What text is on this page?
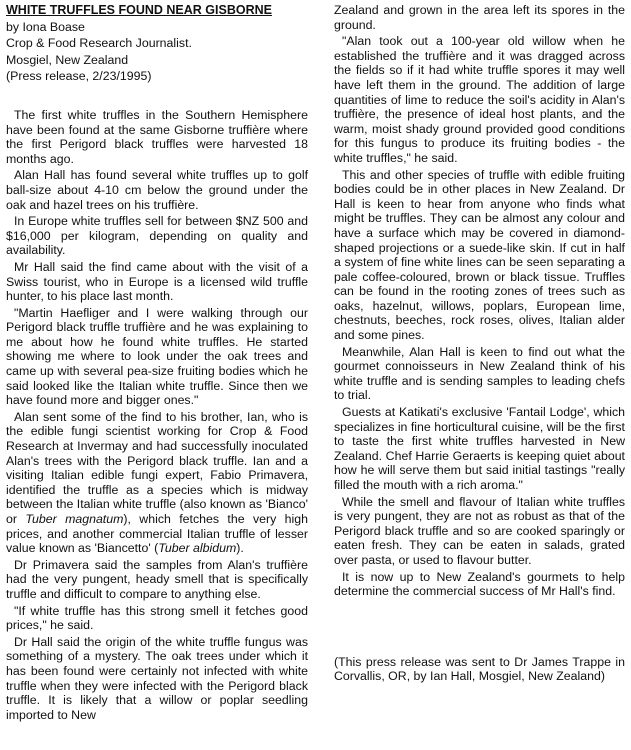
WHITE TRUFFLES FOUND NEAR GISBORNE

by Iona Boase

Crop & Food Research Journalist.

Mosgiel, New Zealand

(Press release, 2/23/1995)

The first white truffles in the Southern Hemisphere have been found at the same Gisborne truffière where the first Perigord black truffles were harvested 18 months ago.

Alan Hall has found several white truffles up to golf ball-size about 4-10 cm below the ground under the oak and hazel trees on his truffière.

In Europe white truffles sell for between $NZ 500 and $16,000 per kilogram, depending on quality and availability.

Mr Hall said the find came about with the visit of a Swiss tourist, who in Europe is a licensed wild truffle hunter, to his place last month.

"Martin Haefliger and I were walking through our Perigord black truffle truffière and he was explaining to me about how he found white truffles. He started showing me where to look under the oak trees and came up with several pea-size fruiting bodies which he said looked like the Italian white truffle. Since then we have found more and bigger ones."

Alan sent some of the find to his brother, Ian, who is the edible fungi scientist working for Crop & Food Research at Invermay and had successfully inoculated Alan's trees with the Perigord black truffle. Ian and a visiting Italian edible fungi expert, Fabio Primavera, identified the truffle as a species which is midway between the Italian white truffle (also known as 'Bianco' or Tuber magnatum), which fetches the very high prices, and another commercial Italian truffle of lesser value known as 'Biancetto' (Tuber albidum).

Dr Primavera said the samples from Alan's truffière had the very pungent, heady smell that is specifically truffle and difficult to compare to anything else.

"If white truffle has this strong smell it fetches good prices," he said.

Dr Hall said the origin of the white truffle fungus was something of a mystery. The oak trees under which it has been found were certainly not infected with white truffle when they were infected with the Perigord black truffle. It is likely that a willow or poplar seedling imported to New

Zealand and grown in the area left its spores in the ground.

"Alan took out a 100-year old willow when he established the truffière and it was dragged across the fields so if it had white truffle spores it may well have left them in the ground. The addition of large quantities of lime to reduce the soil's acidity in Alan's truffière, the presence of ideal host plants, and the warm, moist shady ground provided good conditions for this fungus to produce its fruiting bodies - the white truffles," he said.

This and other species of truffle with edible fruiting bodies could be in other places in New Zealand. Dr Hall is keen to hear from anyone who finds what might be truffles. They can be almost any colour and have a surface which may be covered in diamond-shaped projections or a suede-like skin. If cut in half a system of fine white lines can be seen separating a pale coffee-coloured, brown or black tissue. Truffles can be found in the rooting zones of trees such as oaks, hazelnut, willows, poplars, European lime, chestnuts, beeches, rock roses, olives, Italian alder and some pines.

Meanwhile, Alan Hall is keen to find out what the gourmet connoisseurs in New Zealand think of his white truffle and is sending samples to leading chefs to trial.

Guests at Katikati's exclusive 'Fantail Lodge', which specializes in fine horticultural cuisine, will be the first to taste the first white truffles harvested in New Zealand. Chef Harrie Geraerts is keeping quiet about how he will serve them but said initial tastings "really filled the mouth with a rich aroma."

While the smell and flavour of Italian white truffles is very pungent, they are not as robust as that of the Perigord black truffle and so are cooked sparingly or eaten fresh. They can be eaten in salads, grated over pasta, or used to flavour butter.

It is now up to New Zealand's gourmets to help determine the commercial success of Mr Hall's find.

(This press release was sent to Dr James Trappe in Corvallis, OR, by Ian Hall, Mosgiel, New Zealand)
